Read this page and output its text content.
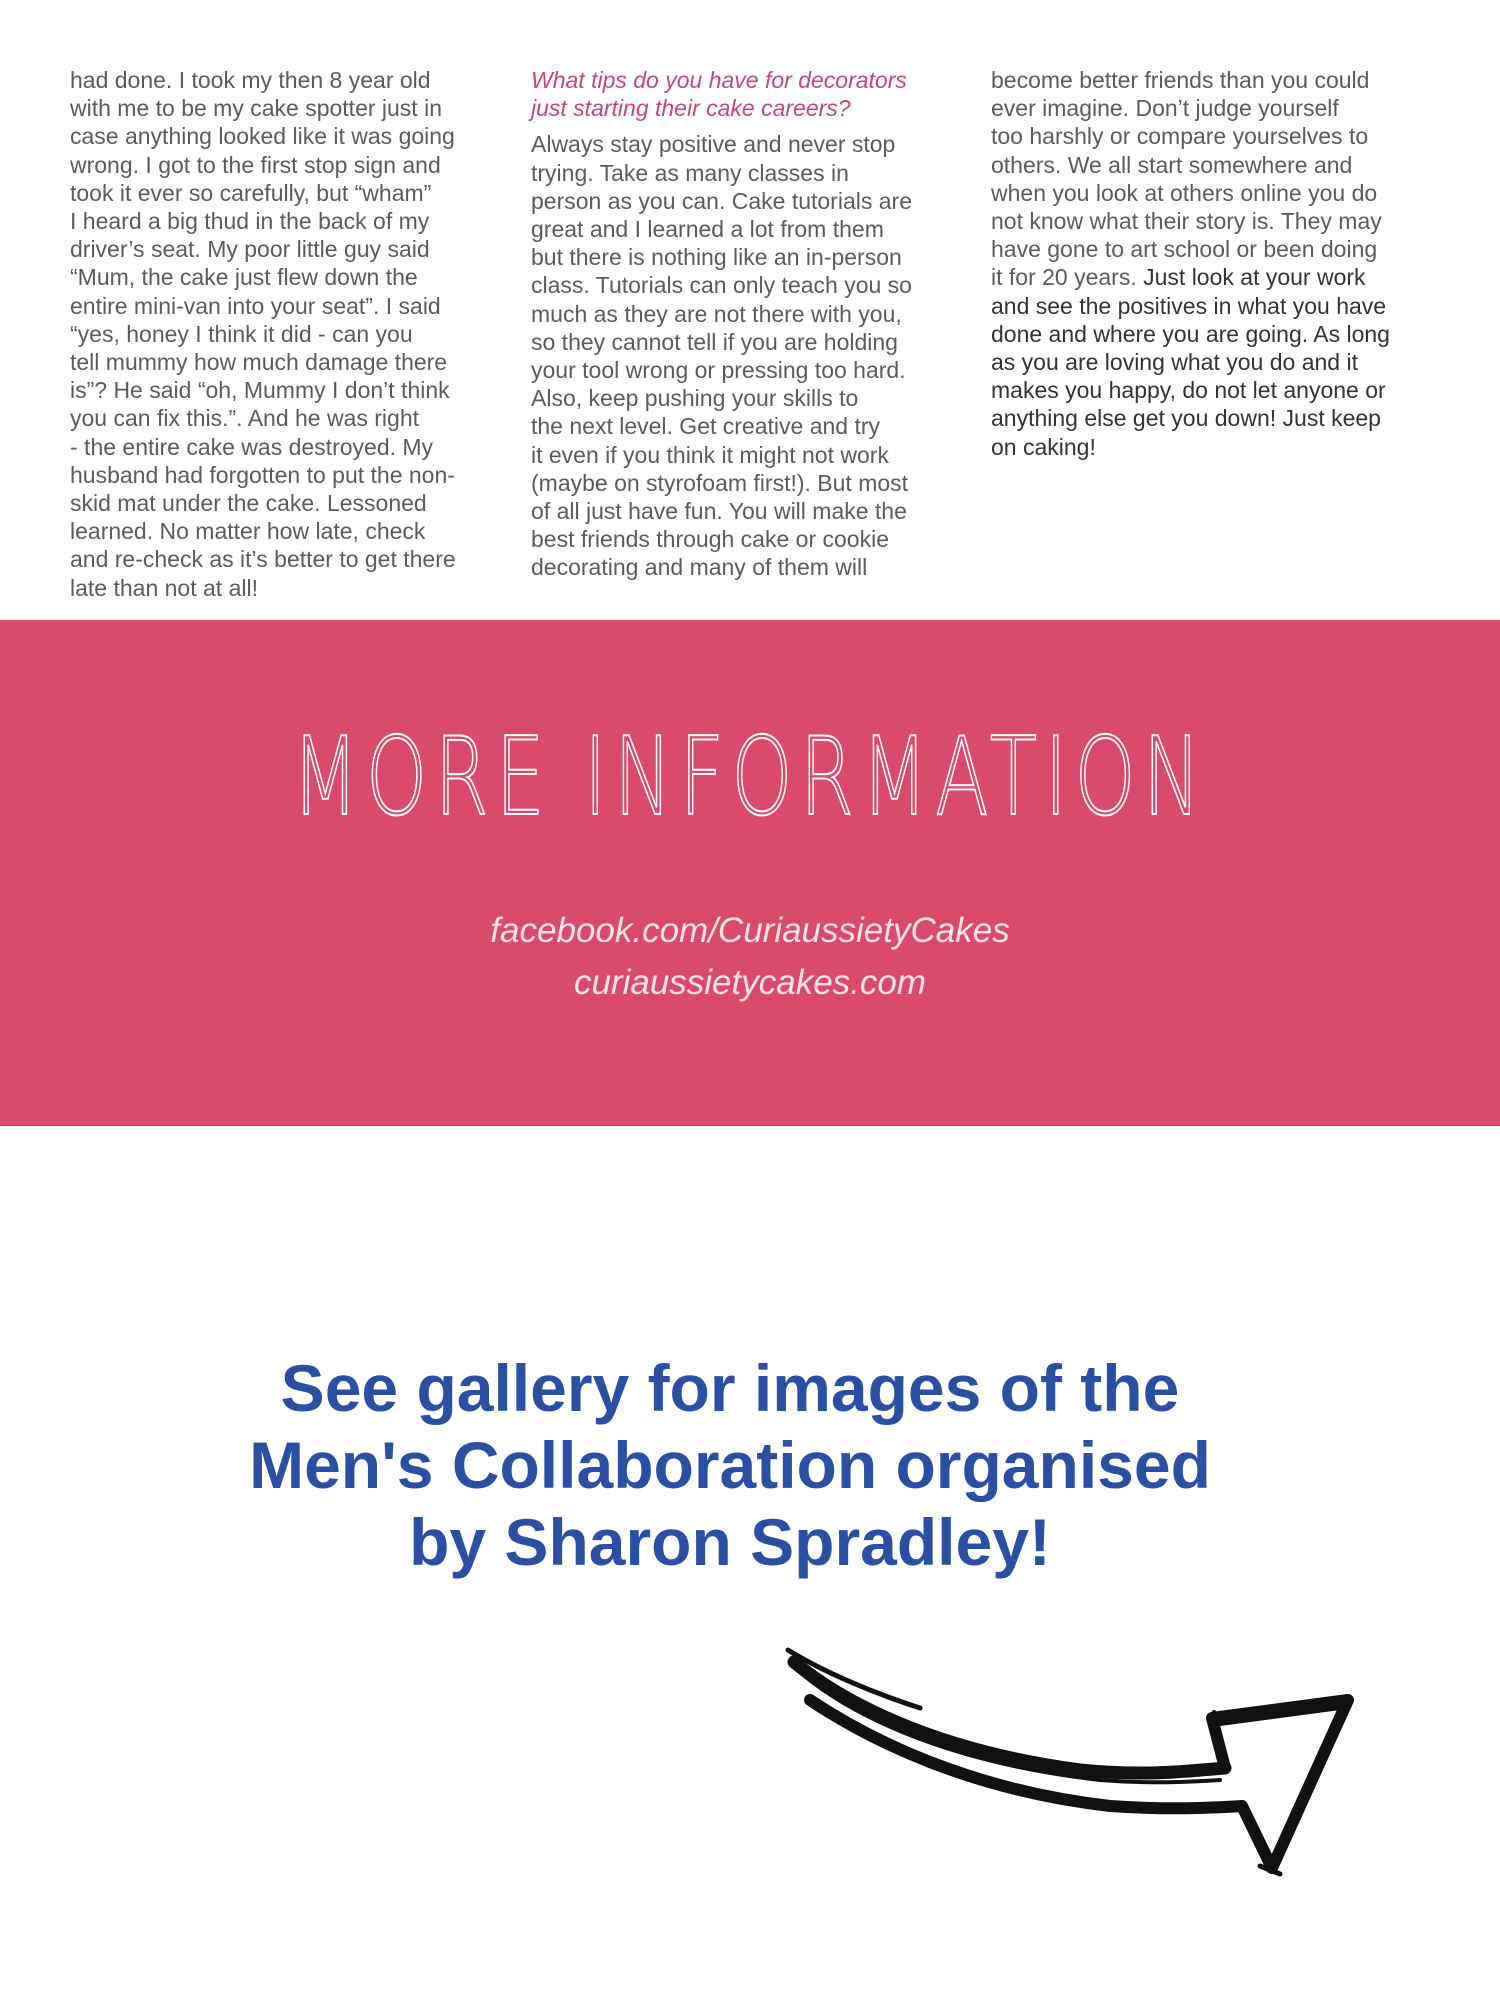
had done. I took my then 8 year old
with me to be my cake spotter just in
case anything looked like it was going
wrong. I got to the first stop sign and
took it ever so carefully, but “wham”
I heard a big thud in the back of my
driver’s seat. My poor little guy said
“Mum, the cake just flew down the
entire mini-van into your seat”. I said
“yes, honey I think it did - can you
tell mummy how much damage there
is”? He said “oh, Mummy I don’t think
you can fix this.”. And he was right
- the entire cake was destroyed. My
husband had forgotten to put the non-
skid mat under the cake. Lessoned
learned. No matter how late, check
and re-check as it’s better to get there
late than not at all!

What tips do you have for decorators
just starting their cake careers?

Always stay positive and never stop
trying. Take as many classes in
person as you can. Cake tutorials are
great and I learned a lot from them
but there is nothing like an in-person
class. Tutorials can only teach you so
much as they are not there with you,
so they cannot tell if you are holding
your tool wrong or pressing too hard.
Also, keep pushing your skills to
the next level. Get creative and try
it even if you think it might not work
(maybe on styrofoam first!). But most
of all just have fun. You will make the
best friends through cake or cookie
decorating and many of them will

become better friends than you could
ever imagine. Don’t judge yourself
too harshly or compare yourselves to
others. We all start somewhere and
when you look at others online you do
not know what their story is. They may
have gone to art school or been doing
it for 20 years. Just look at your work
and see the positives in what you have
done and where you are going. As long
as you are loving what you do and it
makes you happy, do not let anyone or
anything else get you down! Just keep
on caking!

MORE INFORMATION
facebook.com/CuriaussietyCakes
curiaussietycakes.com
See gallery for images of the
Men's Collaboration organised
by Sharon Spradley!
